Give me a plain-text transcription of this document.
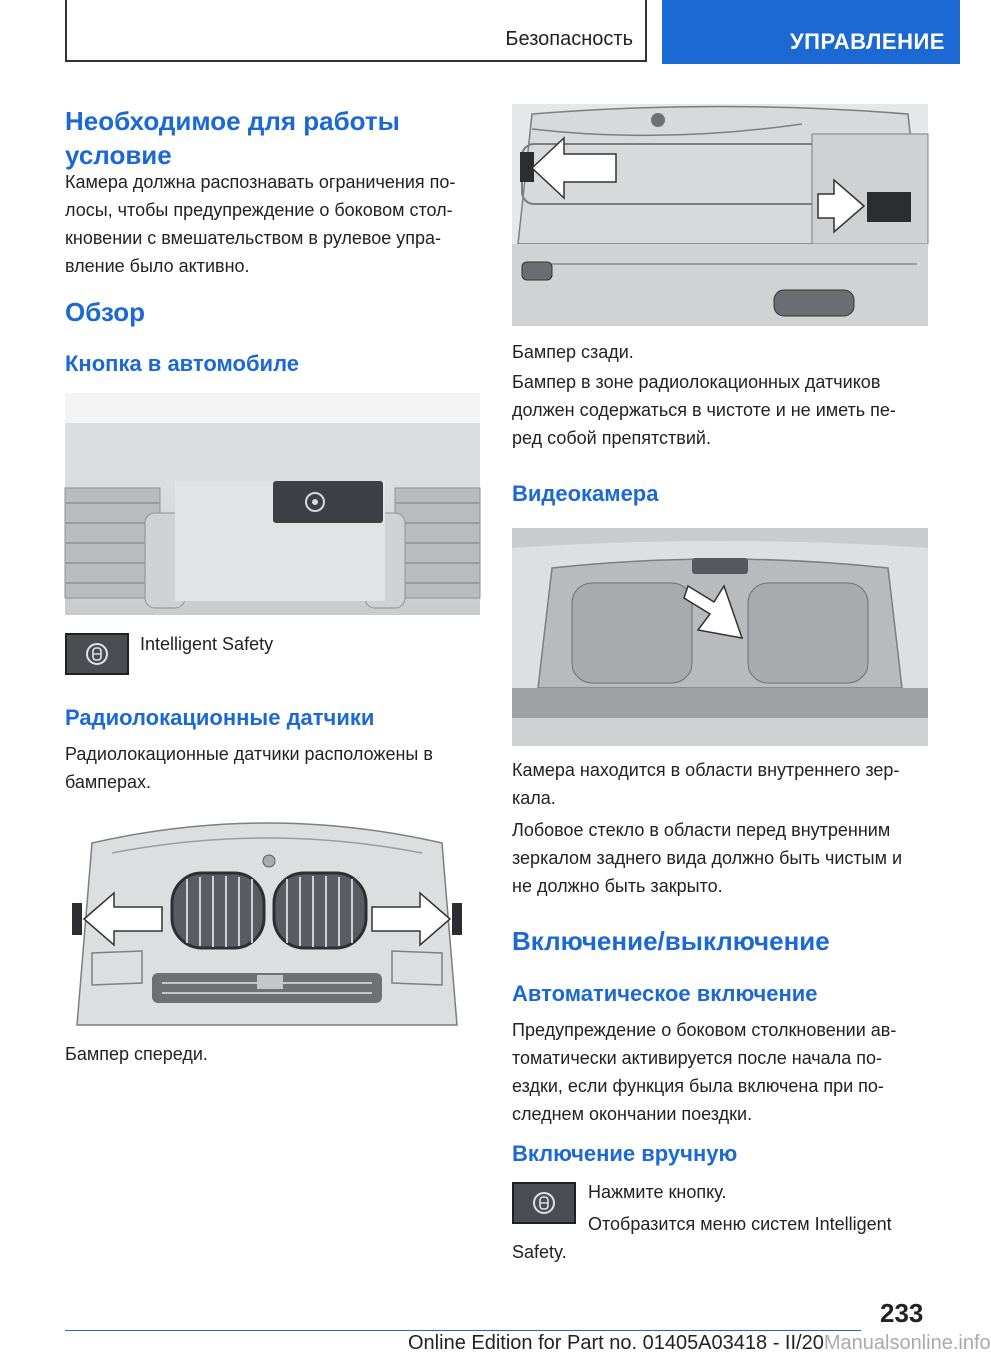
Безопасность	УПРАВЛЕНИЕ
Необходимое для работы
условие
Камера должна распознавать ограничения по-
лосы, чтобы предупреждение о боковом стол-
кновении с вмешательством в рулевое упра-
вление было активно.
Обзор
Кнопка в автомобиле
Intelligent Safety
Радиолокационные датчики
Радиолокационные датчики расположены в
бамперах.
Бампер спереди.
Бампер сзади.
Бампер в зоне радиолокационных датчиков
должен содержаться в чистоте и не иметь пе-
ред собой препятствий.
Видеокамера
Камера находится в области внутреннего зер-
кала.
Лобовое стекло в области перед внутренним
зеркалом заднего вида должно быть чистым и
не должно быть закрыто.
Включение/выключение
Автоматическое включение
Предупреждение о боковом столкновении ав-
томатически активируется после начала по-
ездки, если функция была включена при по-
следнем окончании поездки.
Включение вручную
Нажмите кнопку.
Отобразится меню систем Intelligent
Safety.
233
Online Edition for Part no. 01405A03418 - II/20Manualsonline.info
